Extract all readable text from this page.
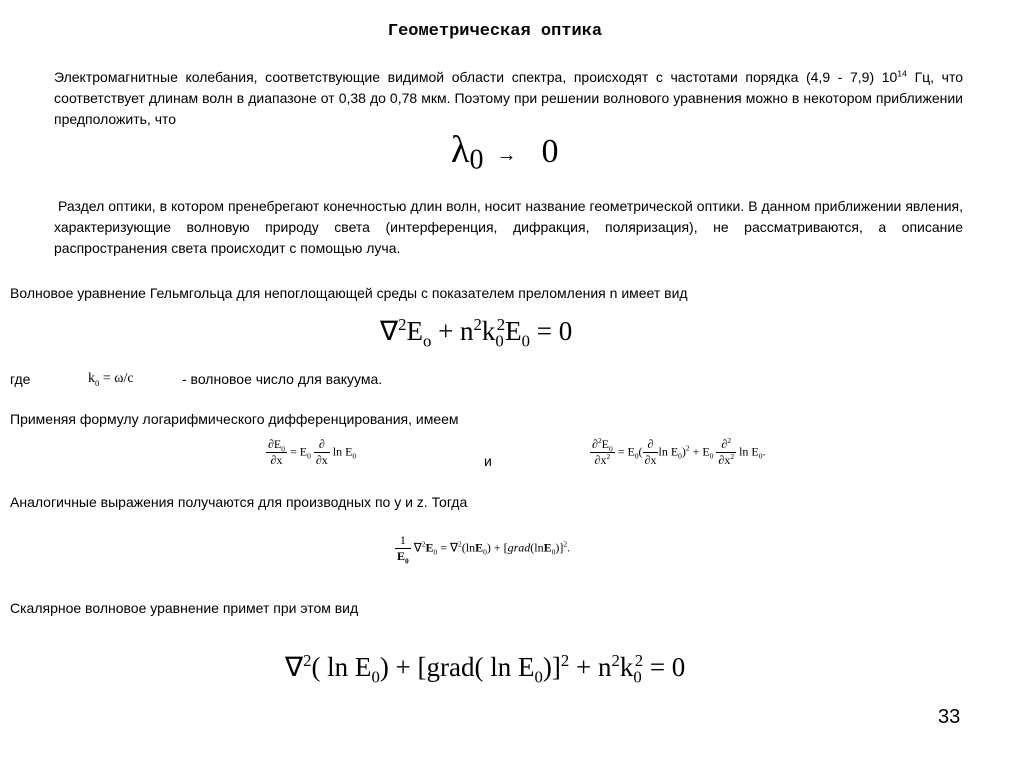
Геометрическая оптика
Электромагнитные колебания, соответствующие видимой области спектра, происходят с частотами порядка (4,9 - 7,9) $10^{14}$ Гц, что соответствует длинам волн в диапазоне от 0,38 до 0,78 мкм. Поэтому при решении волнового уравнения можно в некотором приближении предположить, что
$\lambda_0 \to 0$
Раздел оптики, в котором пренебрегают конечностью длин волн, носит название геометрической оптики. В данном приближении явления, характеризующие волновую природу света (интерференция, дифракция, поляризация), не рассматриваются, а описание распространения света происходит с помощью луча.
Волновое уравнение Гельмгольца для непоглощающей среды с показателем преломления n имеет вид
$\nabla^2E_o + n^2k_0^2E_0 = 0$
где	$k_0 = \omega/c$	- волновое число для вакуума.
Применяя формулу логарифмического дифференцирования, имеем
$\frac{\partial E_0}{\partial x} = E_0 \frac{\partial}{\partial x}$ $\ln E_0$	и	$\frac{\partial^2E_0}{\partial x^2} = E_0( \frac{\partial}{\partial x}$ $\ln E_0)^2 + E_0 \frac{\partial^2}{\partial x^2}$ $\ln E_0$.
Аналогичные выражения получаются для производных по y и z. Тогда
$\frac{1}{E_0} \nabla^2E_0 = \nabla^2(\ln E_0)$ + [grad(lnE$_0$)]$^2$.
Скалярное волновое уравнение примет при этом вид
∇$^2$( $\ln E_0$) + [grad( $\ln E_0)]^2 + n^2k_0^2 = 0$
33
